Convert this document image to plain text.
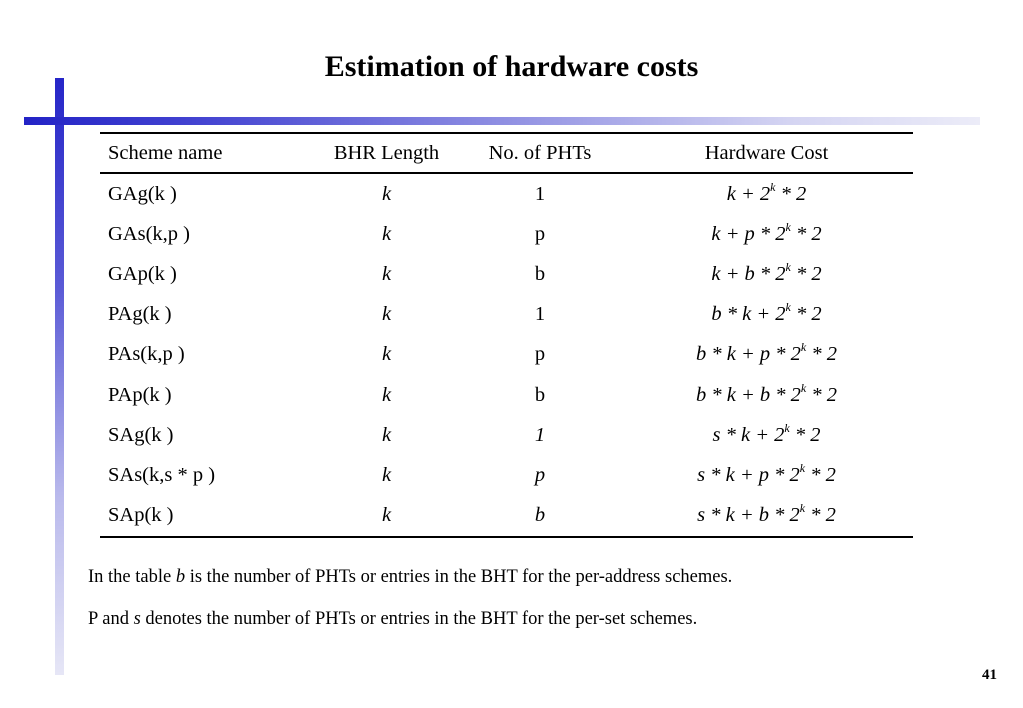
Estimation of hardware costs
Scheme name	BHR Length	No. of PHTs	Hardware Cost
GAg(k )	k	1	$k + 2^k * 2$
GAs(k,p )	k	p	k + p * 2$^k$ * 2
GAp(k )	k	b	k + b * 2$^k$ * 2
PAg(k )	k	1	$b * k + 2^k * 2$
PAs(k,p )	k	p	b * k + p * 2$^k$ * 2
PAp(k )	k	b	b * k + b * 2$^k$ * 2
SAg(k )	k	1	$s * k + 2^k * 2$
SAs(k,s * p )	k	p	s * k + p * 2$^k$ * 2
SAp(k )	k	b	s * k + b * 2$^k$ * 2
In the table b is the number of PHTs or entries in the BHT for the per-address schemes.
P and s denotes the number of PHTs or entries in the BHT for the per-set schemes.
41
